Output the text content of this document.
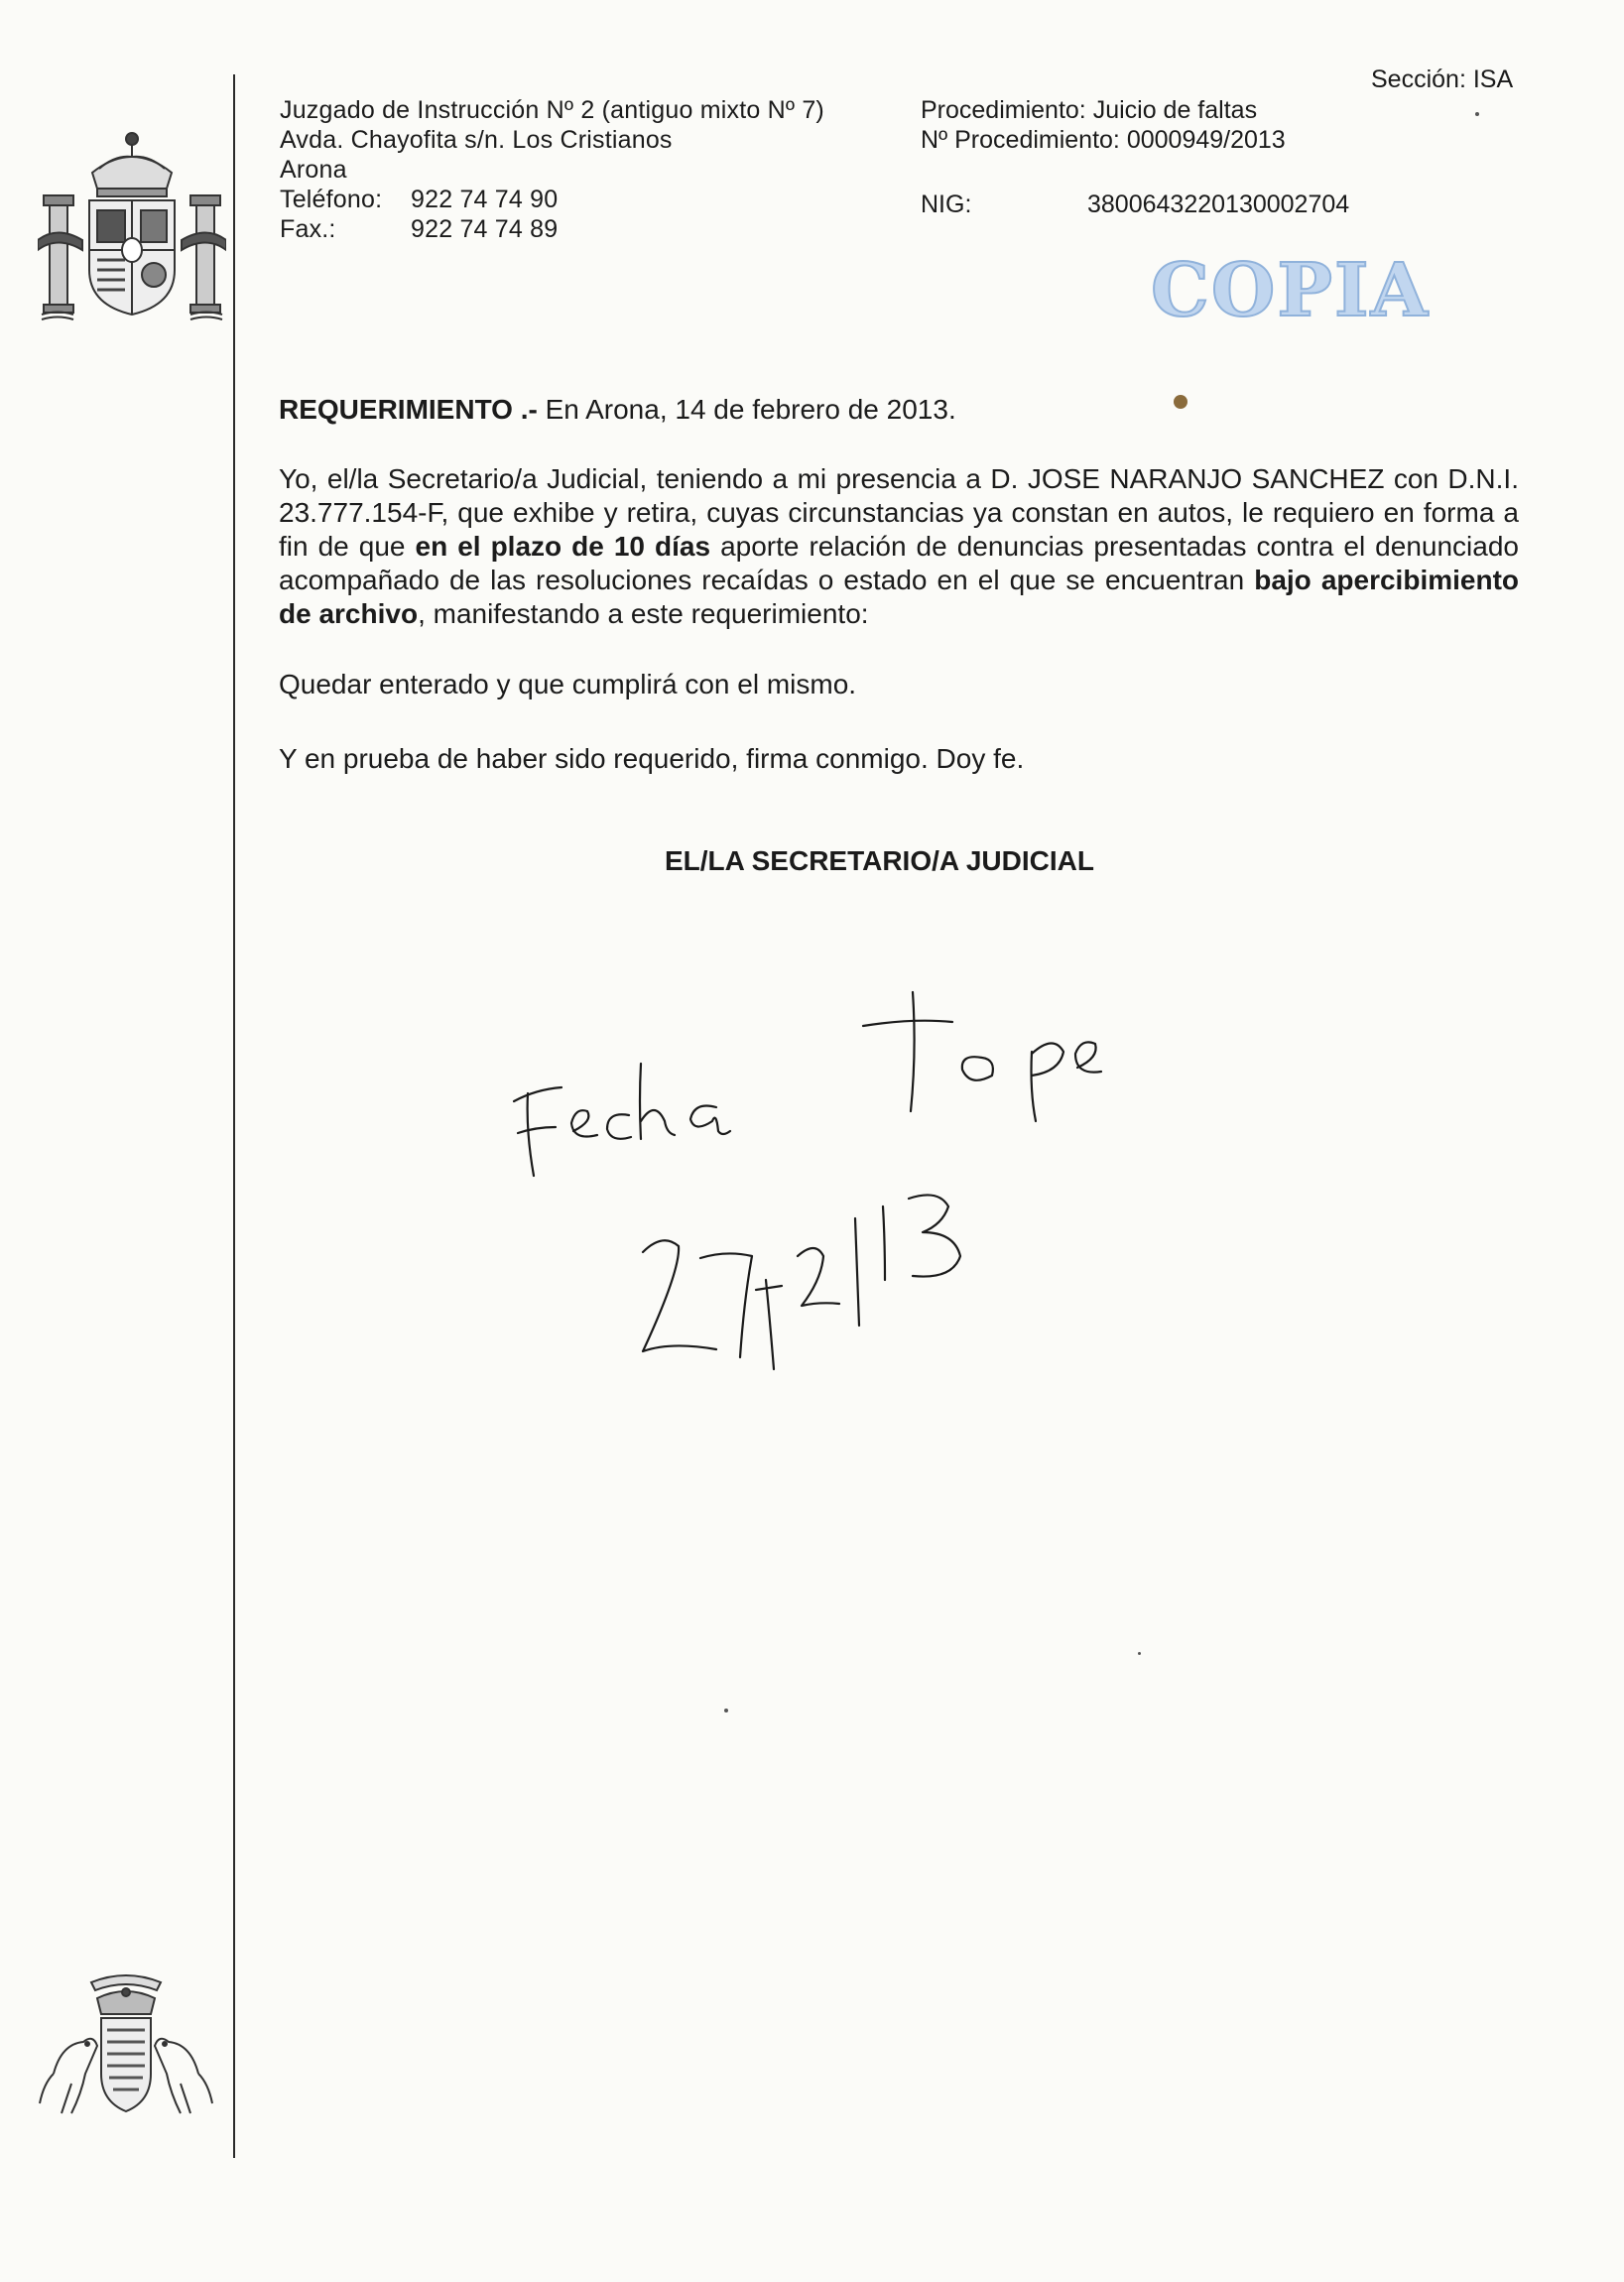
Juzgado de Instrucción Nº 2 (antiguo mixto Nº 7)
Avda. Chayofita s/n. Los Cristianos
Arona
Teléfono: 922 74 74 90
Fax.:	922 74 74 89
Sección: ISA
Procedimiento: Juicio de faltas
Nº Procedimiento: 0000949/2013
NIG:	3800643220130002704
COPIA
REQUERIMIENTO .- En Arona, 14 de febrero de 2013.
Yo, el/la Secretario/a Judicial, teniendo a mi presencia a D. JOSE NARANJO SANCHEZ con D.N.I. 23.777.154-F, que exhibe y retira, cuyas circunstancias ya constan en autos, le requiero en forma a fin de que en el plazo de 10 días aporte relación de denuncias presentadas contra el denunciado acompañado de las resoluciones recaídas o estado en el que se encuentran bajo apercibimiento de archivo, manifestando a este requerimiento:
Quedar enterado y que cumplirá con el mismo.
Y en prueba de haber sido requerido, firma conmigo. Doy fe.
EL/LA SECRETARIO/A JUDICIAL
